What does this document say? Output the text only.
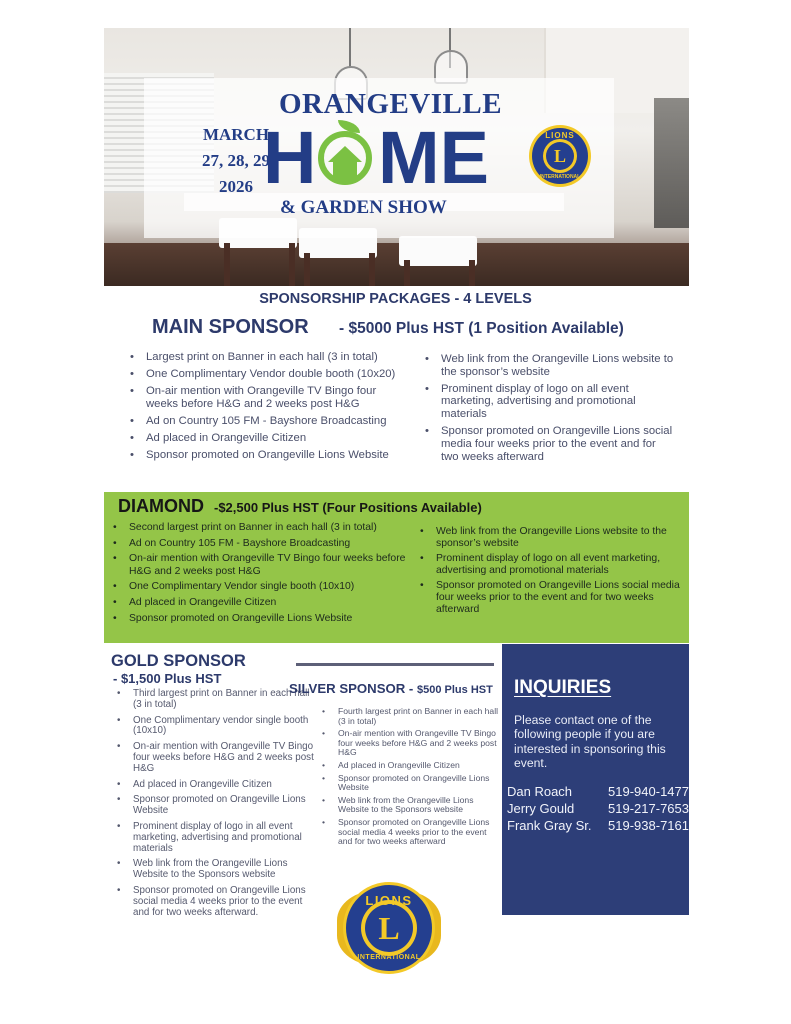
ORANGEVILLE
MARCH
27, 28, 29
2026 H ME
& GARDEN SHOW
LIONS
L
INTERNATIONAL
SPONSORSHIP PACKAGES - 4 LEVELS
MAIN SPONSOR - $5000 Plus HST (1 Position Available)
• Largest print on Banner in each hall (3 in total)
• One Complimentary Vendor double booth (10x20)
• On-air mention with Orangeville TV Bingo four weeks before H&G and 2 weeks post H&G
• Ad on Country 105 FM - Bayshore Broadcasting
• Ad placed in Orangeville Citizen
• Sponsor promoted on Orangeville Lions Website
• Web link from the Orangeville Lions website to the sponsor’s website
• Prominent display of logo on all event marketing, advertising and promotional materials
• Sponsor promoted on Orangeville Lions social media four weeks prior to the event and for two weeks afterward
DIAMOND -$2,500 Plus HST (Four Positions Available)
• Second largest print on Banner in each hall (3 in total)
• Ad on Country 105 FM - Bayshore Broadcasting
• On-air mention with Orangeville TV Bingo four weeks before H&G and 2 weeks post H&G
• One Complimentary Vendor single booth (10x10)
• Ad placed in Orangeville Citizen
• Sponsor promoted on Orangeville Lions Website
• Web link from the Orangeville Lions website to the sponsor’s website
• Prominent display of logo on all event marketing, advertising and promotional materials
• Sponsor promoted on Orangeville Lions social media four weeks prior to the event and for two weeks afterward
GOLD SPONSOR
- $1,500 Plus HST
• Third largest print on Banner in each hall (3 in total)
• One Complimentary vendor single booth (10x10)
• On-air mention with Orangeville TV Bingo four weeks before H&G and 2 weeks post H&G
• Ad placed in Orangeville Citizen
• Sponsor promoted on Orangeville Lions Website
• Prominent display of logo in all event marketing, advertising and promotional materials
• Web link from the Orangeville Lions Website to the Sponsors website
• Sponsor promoted on Orangeville Lions social media 4 weeks prior to the event and for two weeks afterward.
SILVER SPONSOR - $500 Plus HST
• Fourth largest print on Banner in each hall (3 in total)
• On-air mention with Orangeville TV Bingo four weeks before H&G and 2 weeks post H&G
• Ad placed in Orangeville Citizen
• Sponsor promoted on Orangeville Lions Website
• Web link from the Orangeville Lions Website to the Sponsors website
• Sponsor promoted on Orangeville Lions social media 4 weeks prior to the event and for two weeks afterward
INQUIRIES
Please contact one of the following people if you are interested in sponsoring this event.
Dan Roach	519-940-1477
Jerry Gould	519-217-7653
Frank Gray Sr. 519-938-7161
LIONS
L
INTERNATIONAL
